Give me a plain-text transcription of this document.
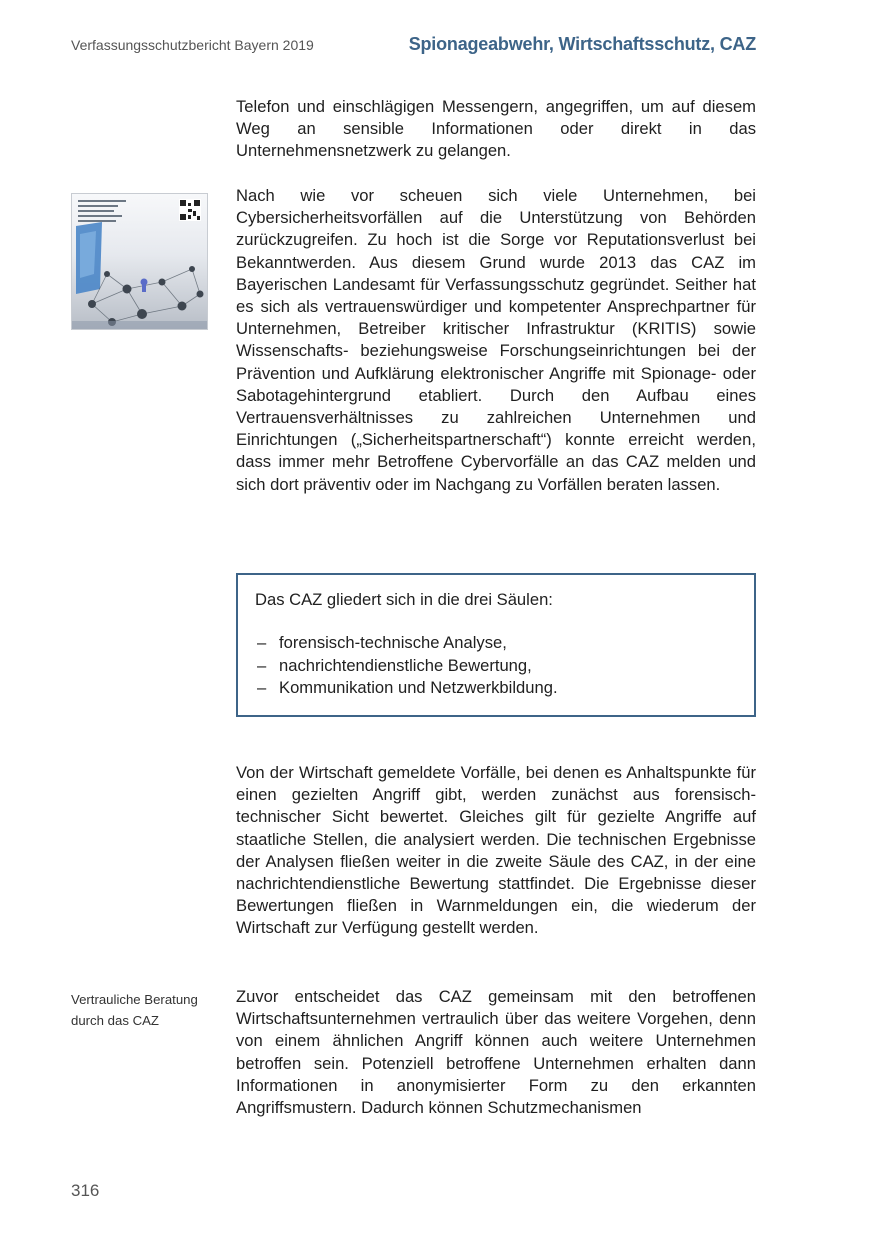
Verfassungsschutzbericht Bayern 2019	Spionageabwehr, Wirtschaftsschutz, CAZ

Telefon und einschlägigen Messengern, angegriffen, um auf diesem Weg an sensible Informationen oder direkt in das Unternehmensnetzwerk zu gelangen.

Nach wie vor scheuen sich viele Unternehmen, bei Cybersicherheitsvorfällen auf die Unterstützung von Behörden zurückzugreifen. Zu hoch ist die Sorge vor Reputationsverlust bei Bekanntwerden. Aus diesem Grund wurde 2013 das CAZ im Bayerischen Landesamt für Verfassungsschutz gegründet. Seither hat es sich als vertrauenswürdiger und kompetenter Ansprechpartner für Unternehmen, Betreiber kritischer Infrastruktur (KRITIS) sowie Wissenschafts- beziehungsweise Forschungseinrichtungen bei der Prävention und Aufklärung elektronischer Angriffe mit Spionage- oder Sabotagehintergrund etabliert. Durch den Aufbau eines Vertrauensverhältnisses zu zahlreichen Unternehmen und Einrichtungen („Sicherheitspartnerschaft“) konnte erreicht werden, dass immer mehr Betroffene Cybervorfälle an das CAZ melden und sich dort präventiv oder im Nachgang zu Vorfällen beraten lassen.

Das CAZ gliedert sich in die drei Säulen:

– forensisch-technische Analyse,
– nachrichtendienstliche Bewertung,
– Kommunikation und Netzwerkbildung.

Von der Wirtschaft gemeldete Vorfälle, bei denen es Anhaltspunkte für einen gezielten Angriff gibt, werden zunächst aus forensisch-technischer Sicht bewertet. Gleiches gilt für gezielte Angriffe auf staatliche Stellen, die analysiert werden. Die technischen Ergebnisse der Analysen fließen weiter in die zweite Säule des CAZ, in der eine nachrichtendienstliche Bewertung stattfindet. Die Ergebnisse dieser Bewertungen fließen in Warnmeldungen ein, die wiederum der Wirtschaft zur Verfügung gestellt werden.

Vertrauliche Beratung durch das CAZ

Zuvor entscheidet das CAZ gemeinsam mit den betroffenen Wirtschaftsunternehmen vertraulich über das weitere Vorgehen, denn von einem ähnlichen Angriff können auch weitere Unternehmen betroffen sein. Potenziell betroffene Unternehmen erhalten dann Informationen in anonymisierter Form zu den erkannten Angriffsmustern. Dadurch können Schutzmechanismen

316
